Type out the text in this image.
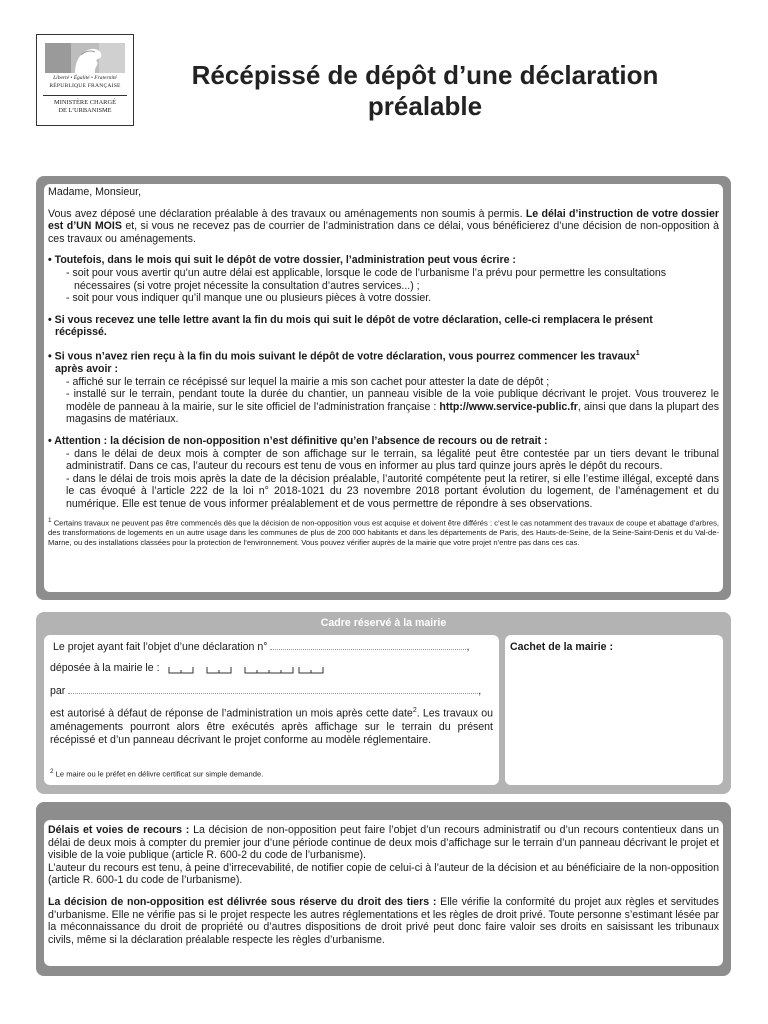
Liberté • Égalité • Fraternité
RÉPUBLIQUE FRANÇAISE
MINISTÈRE CHARGÉ
DE L’URBANISME
Récépissé de dépôt d’une déclaration
préalable

Madame, Monsieur,

Vous avez déposé une déclaration préalable à des travaux ou aménagements non soumis à permis. Le délai d’instruction de votre dossier est d’UN MOIS et, si vous ne recevez pas de courrier de l’administration dans ce délai, vous bénéficierez d’une décision de non-opposition à ces travaux ou aménagements.

• Toutefois, dans le mois qui suit le dépôt de votre dossier, l’administration peut vous écrire :

- soit pour vous avertir qu’un autre délai est applicable, lorsque le code de l’urbanisme l’a prévu pour permettre les consultations

nécessaires (si votre projet nécessite la consultation d’autres services...) ;

- soit pour vous indiquer qu’il manque une ou plusieurs pièces à votre dossier.

• Si vous recevez une telle lettre avant la fin du mois qui suit le dépôt de votre déclaration, celle-ci remplacera le présent

récépissé.

• Si vous n’avez rien reçu à la fin du mois suivant le dépôt de votre déclaration, vous pourrez commencer les travaux$^1$

après avoir :

- affiché sur le terrain ce récépissé sur lequel la mairie a mis son cachet pour attester la date de dépôt ;

- installé sur le terrain, pendant toute la durée du chantier, un panneau visible de la voie publique décrivant le projet. Vous trouverez le modèle de panneau à la mairie, sur le site officiel de l’administration française : http://www.service-public.fr, ainsi que dans la plupart des magasins de matériaux.

• Attention : la décision de non-opposition n’est définitive qu’en l’absence de recours ou de retrait :

- dans le délai de deux mois à compter de son affichage sur le terrain, sa légalité peut être contestée par un tiers devant le tribunal administratif. Dans ce cas, l’auteur du recours est tenu de vous en informer au plus tard quinze jours après le dépôt du recours.

- dans le délai de trois mois après la date de la décision préalable, l’autorité compétente peut la retirer, si elle l’estime illégal, excepté dans le cas évoqué à l’article 222 de la loi n° 2018-1021 du 23 novembre 2018 portant évolution du logement, de l’aménagement et du numérique. Elle est tenue de vous informer préalablement et de vous permettre de répondre à ses observations.

$^1$ Certains travaux ne peuvent pas être commencés dès que la décision de non-opposition vous est acquise et doivent être différés : c’est le cas notamment des travaux de coupe et abattage d’arbres, des transformations de logements en un autre usage dans les communes de plus de 200 000 habitants et dans les départements de Paris, des Hauts-de-Seine, de la Seine-Saint-Denis et du Val-de-Marne, ou des installations classées pour la protection de l’environnement. Vous pouvez vérifier auprès de la mairie que votre projet n’entre pas dans ces cas.

Cadre réservé à la mairie
Le projet ayant fait l’objet d’une déclaration n°	,
déposée à la mairie le :
par	,
est autorisé à défaut de réponse de l’administration un mois après cette date$^2$. Les travaux ou aménagements pourront alors être exécutés après affichage sur le terrain du présent récépissé et d’un panneau décrivant le projet conforme au modèle réglementaire.
$^2$ Le maire ou le préfet en délivre certificat sur simple demande.
Cachet de la mairie :

Délais et voies de recours : La décision de non-opposition peut faire l’objet d’un recours administratif ou d’un recours contentieux dans un délai de deux mois à compter du premier jour d’une période continue de deux mois d’affichage sur le terrain d’un panneau décrivant le projet et visible de la voie publique (article R. 600-2 du code de l’urbanisme).

L’auteur du recours est tenu, à peine d’irrecevabilité, de notifier copie de celui-ci à l’auteur de la décision et au bénéficiaire de la non-opposition (article R. 600-1 du code de l’urbanisme).

La décision de non-opposition est délivrée sous réserve du droit des tiers : Elle vérifie la conformité du projet aux règles et servitudes d’urbanisme. Elle ne vérifie pas si le projet respecte les autres réglementations et les règles de droit privé. Toute personne s’estimant lésée par la méconnaissance du droit de propriété ou d’autres dispositions de droit privé peut donc faire valoir ses droits en saisissant les tribunaux civils, même si la déclaration préalable respecte les règles d’urbanisme.
